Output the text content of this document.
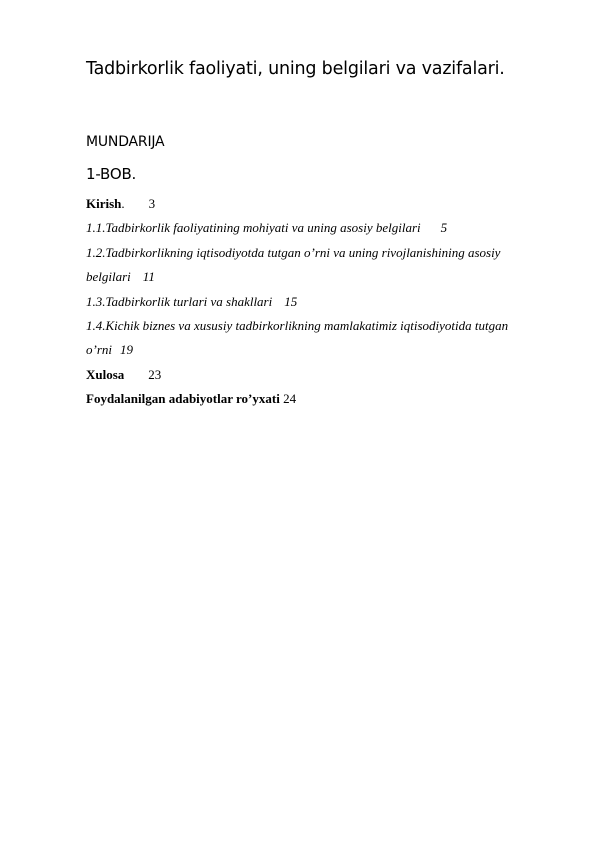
Tadbirkorlik faoliyati, uning belgilari va vazifalari.
MUNDARIJA
1-BOB.
Kirish. 3
1.1.Tadbirkorlik faoliyatining mohiyati va uning asosiy belgilari 5
1.2.Tadbirkorlikning iqtisodiyotda tutgan o’rni va uning rivojlanishining asosiy
belgilari 11
1.3.Tadbirkorlik turlari va shakllari 15
1.4.Kichik biznes va xususiy tadbirkorlikning mamlakatimiz iqtisodiyotida tutgan
o’rni 19
Xulosa 23
Foydalanilgan adabiyotlar ro’yxati 24
